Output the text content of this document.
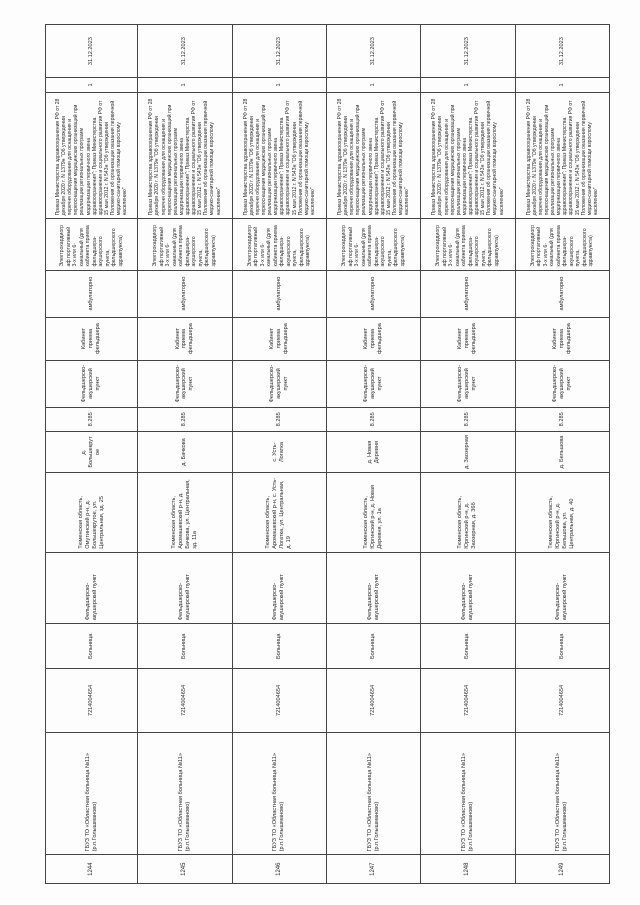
1244	ГБУЗ ТО «Областная больница №11» (р.п.Голышманово)	7214004654	Больница	Фельдшерско-акушерский пункт	Тюменская область, Омутинский р-н, д. Большекрутое, ул. Центральная, зд. 25	д. Большекрутое	8.285	Фельдшерско-акушерский пункт	Кабинет приема фельдшера	амбулаторно	Электрокардиограф портативный 3-х или 6-канальный (для кабинета приема фельдшера-акушерского пункта, фельдшерского здравпункта)	Приказ Министерства здравоохранения РФ от 28 декабря 2020 г. N 1379н "Об утверждении перечня оборудования для оснащения и переоснащения медицинских организаций при реализации региональных программ модернизации первичного звена здравоохранения"; Приказ Министерства здравоохранения и социального развития РФ от 15 мая 2012 г. N 543н "Об утверждении Положения об организации оказания первичной медико-санитарной помощи взрослому населению"	1	31.12.2023
1245	ГБУЗ ТО «Областная больница №11» (р.п.Голышманово)	7214004654	Больница	Фельдшерско-акушерский пункт	Тюменская область, Аромашевский р-н, д. Бачкова, ул. Центральная, зд. 11а	д. Бачкова	8.285	Фельдшерско-акушерский пункт	Кабинет приема фельдшера	амбулаторно	Электрокардиограф портативный 3-х или 6-канальный (для кабинета приема фельдшера-акушерского пункта, фельдшерского здравпункта)	Приказ Министерства здравоохранения РФ от 28 декабря 2020 г. N 1379н "Об утверждении перечня оборудования для оснащения и переоснащения медицинских организаций при реализации региональных программ модернизации первичного звена здравоохранения"; Приказ Министерства здравоохранения и социального развития РФ от 15 мая 2012 г. N 543н "Об утверждении Положения об организации оказания первичной медико-санитарной помощи взрослому населению"	1	31.12.2023
1246	ГБУЗ ТО «Областная больница №11» (р.п.Голышманово)	7214004654	Больница	Фельдшерско-акушерский пункт	Тюменская область, Аромашевский р-н, с. Усть-Логатка, ул. Центральная, д. 19	с. Усть-Логатка	8.285	Фельдшерско-акушерский пункт	Кабинет приема фельдшера	амбулаторно	Электрокардиограф портативный 3-х или 6-канальный (для кабинета приема фельдшера-акушерского пункта, фельдшерского здравпункта)	Приказ Министерства здравоохранения РФ от 28 декабря 2020 г. N 1379н "Об утверждении перечня оборудования для оснащения и переоснащения медицинских организаций при реализации региональных программ модернизации первичного звена здравоохранения"; Приказ Министерства здравоохранения и социального развития РФ от 15 мая 2012 г. N 543н "Об утверждении Положения об организации оказания первичной медико-санитарной помощи взрослому населению"	1	31.12.2023
1247	ГБУЗ ТО «Областная больница №11» (р.п.Голышманово)	7214004654	Больница	Фельдшерско-акушерский пункт	Тюменская область, Юргинский р-н, д. Новая Деревня, ул. 1а	д. Новая Деревня	8.285	Фельдшерско-акушерский пункт	Кабинет приема фельдшера	амбулаторно	Электрокардиограф портативный 3-х или 6-канальный (для кабинета приема фельдшера-акушерского пункта, фельдшерского здравпункта)	Приказ Министерства здравоохранения РФ от 28 декабря 2020 г. N 1379н "Об утверждении перечня оборудования для оснащения и переоснащения медицинских организаций при реализации региональных программ модернизации первичного звена здравоохранения"; Приказ Министерства здравоохранения и социального развития РФ от 15 мая 2012 г. N 543н "Об утверждении Положения об организации оказания первичной медико-санитарной помощи взрослому населению"	1	31.12.2023
1248	ГБУЗ ТО «Областная больница №11» (р.п.Голышманово)	7214004654	Больница	Фельдшерско-акушерский пункт	Тюменская область, Юргинский р-н, д. Заозерная, д. 36б	д. Заозерная	8.285	Фельдшерско-акушерский пункт	Кабинет приема фельдшера	амбулаторно	Электрокардиограф портативный 3-х или 6-канальный (для кабинета приема фельдшера-акушерского пункта, фельдшерского здравпункта)	Приказ Министерства здравоохранения РФ от 28 декабря 2020 г. N 1379н "Об утверждении перечня оборудования для оснащения и переоснащения медицинских организаций при реализации региональных программ модернизации первичного звена здравоохранения"; Приказ Министерства здравоохранения и социального развития РФ от 15 мая 2012 г. N 543н "Об утверждении Положения об организации оказания первичной медико-санитарной помощи взрослому населению"	1	31.12.2023
1249	ГБУЗ ТО «Областная больница №11» (р.п.Голышманово)	7214004654	Больница	Фельдшерско-акушерский пункт	Тюменская область, Юргинский р-н, д. Бельшова, ул. Центральная, д. 40	д. Бельшова	8.285	Фельдшерско-акушерский пункт	Кабинет приема фельдшера	амбулаторно	Электрокардиограф портативный 3-х или 6-канальный (для кабинета приема фельдшера-акушерского пункта, фельдшерского здравпункта)	Приказ Министерства здравоохранения РФ от 28 декабря 2020 г. N 1379н "Об утверждении перечня оборудования для оснащения и переоснащения медицинских организаций при реализации региональных программ модернизации первичного звена здравоохранения"; Приказ Министерства здравоохранения и социального развития РФ от 15 мая 2012 г. N 543н "Об утверждении Положения об организации оказания первичной медико-санитарной помощи взрослому населению"	1	31.12.2023
